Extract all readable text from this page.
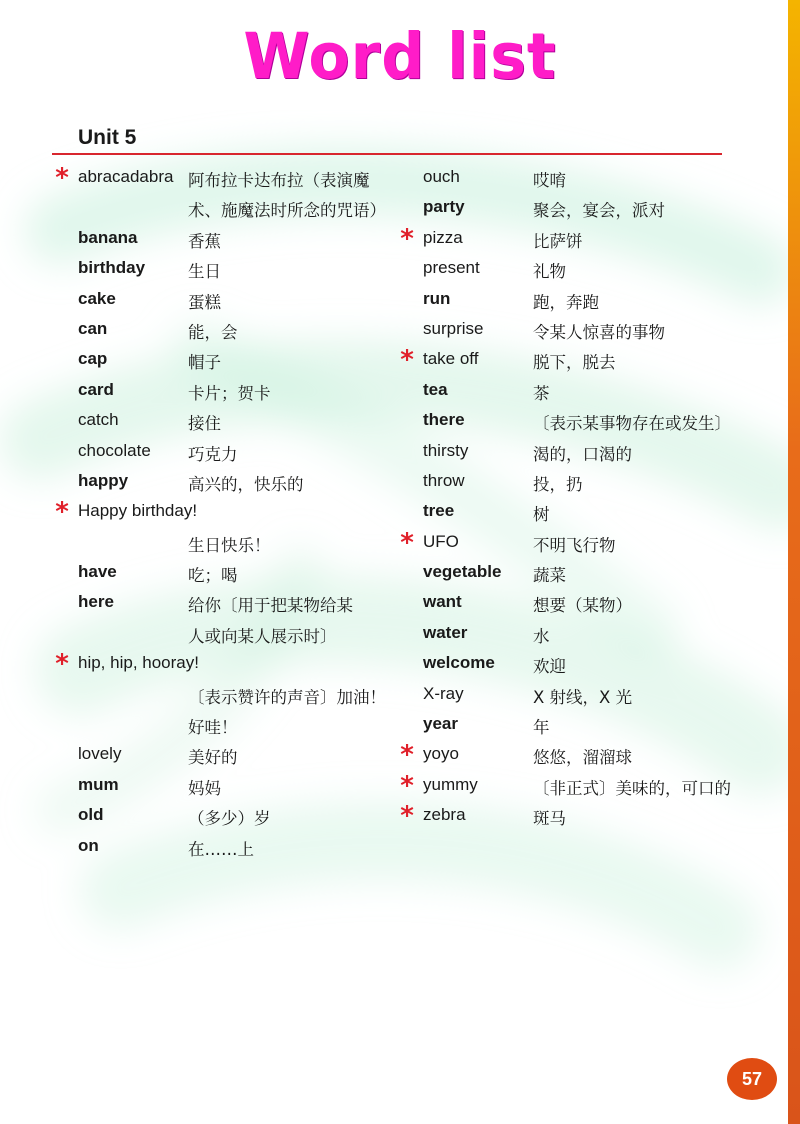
Word list
Unit 5
* abracadabra 阿布拉卡达布拉（表演魔
术、施魔法时所念的咒语）
banana	香蕉
birthday	生日
cake	蛋糕
can	能，会
cap	帽子
card	卡片；贺卡
catch	接住
chocolate 巧克力
happy	高兴的，快乐的
* Happy birthday!
生日快乐！
have	吃；喝
here	给你〔用于把某物给某
人或向某人展示时〕
* hip, hip, hooray!
〔表示赞许的声音〕加油！
好哇！
lovely	美好的
mum	妈妈
old	（多少）岁
on	在……上
ouch	哎唷
party	聚会，宴会，派对
* pizza	比萨饼
present	礼物
run	跑，奔跑
surprise	令某人惊喜的事物
* take off	脱下，脱去
tea	茶
there	〔表示某事物存在或发生〕
thirsty	渴的，口渴的
throw	投，扔
tree	树
* UFO	不明飞行物
vegetable 蔬菜
want	想要（某物）
water	水
welcome 欢迎
X-ray	X 射线，X 光
year	年
* yoyo	悠悠，溜溜球
* yummy	〔非正式〕美味的，可口的
* zebra	斑马
57
